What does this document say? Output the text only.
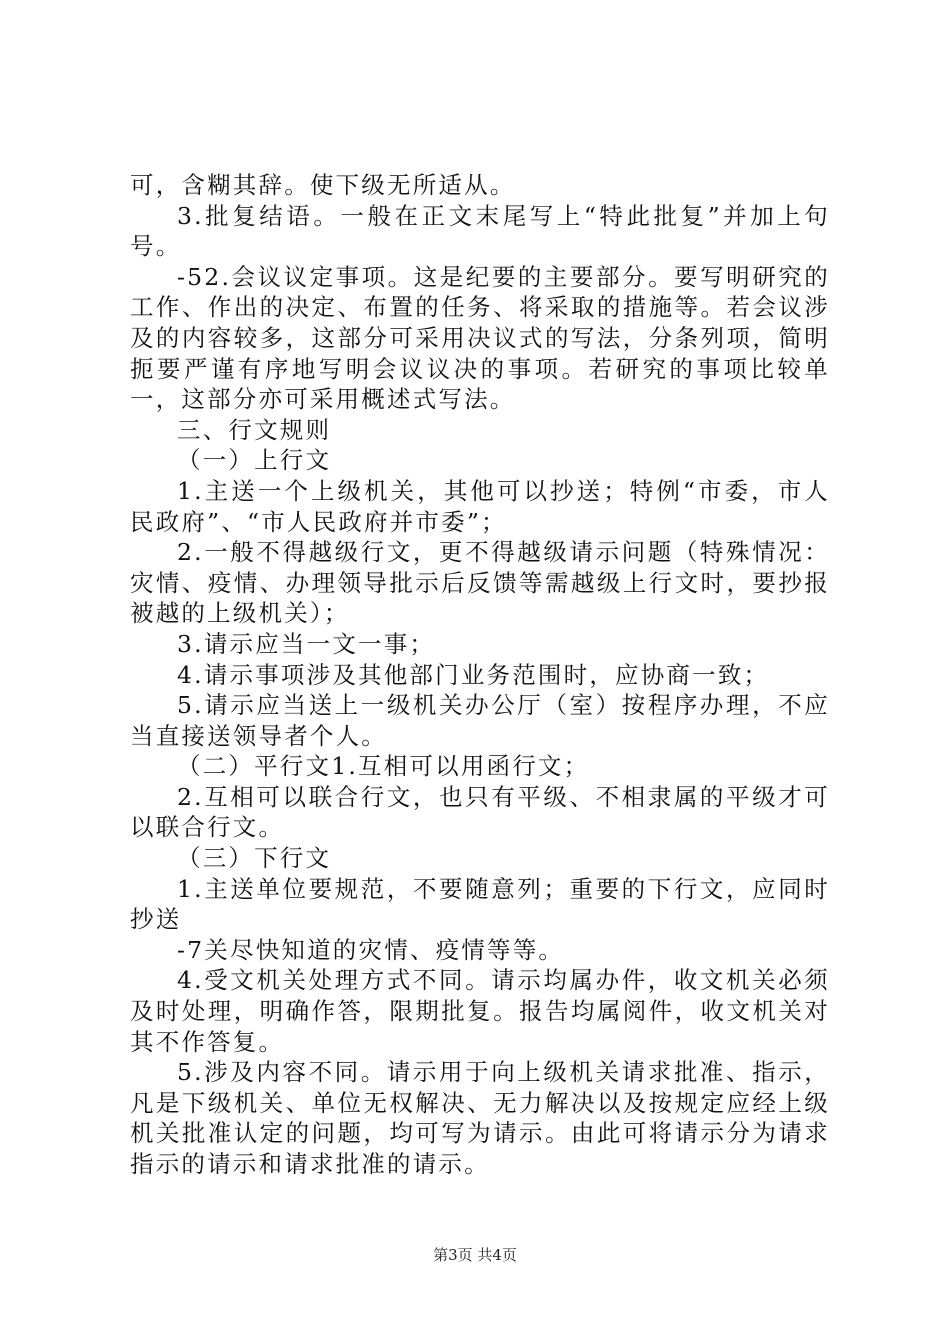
可，含糊其辞。使下级无所适从。

3.批复结语。一般在正文末尾写上“特此批复”并加上句号。

-52.会议议定事项。这是纪要的主要部分。要写明研究的工作、作出的决定、布置的任务、将采取的措施等。若会议涉及的内容较多，这部分可采用决议式的写法，分条列项，简明扼要严谨有序地写明会议议决的事项。若研究的事项比较单一，这部分亦可采用概述式写法。

三、行文规则

（一）上行文

1.主送一个上级机关，其他可以抄送；特例“市委，市人民政府”、“市人民政府并市委”；

2.一般不得越级行文，更不得越级请示问题（特殊情况：灾情、疫情、办理领导批示后反馈等需越级上行文时，要抄报被越的上级机关）；

3.请示应当一文一事；

4.请示事项涉及其他部门业务范围时，应协商一致；

5.请示应当送上一级机关办公厅（室）按程序办理，不应当直接送领导者个人。

（二）平行文1.互相可以用函行文；

2.互相可以联合行文，也只有平级、不相隶属的平级才可以联合行文。

（三）下行文

1.主送单位要规范，不要随意列；重要的下行文，应同时抄送

-7关尽快知道的灾情、疫情等等。

4.受文机关处理方式不同。请示均属办件，收文机关必须及时处理，明确作答，限期批复。报告均属阅件，收文机关对其不作答复。

5.涉及内容不同。请示用于向上级机关请求批准、指示，凡是下级机关、单位无权解决、无力解决以及按规定应经上级机关批准认定的问题，均可写为请示。由此可将请示分为请求指示的请示和请求批准的请示。

第3页 共4页
